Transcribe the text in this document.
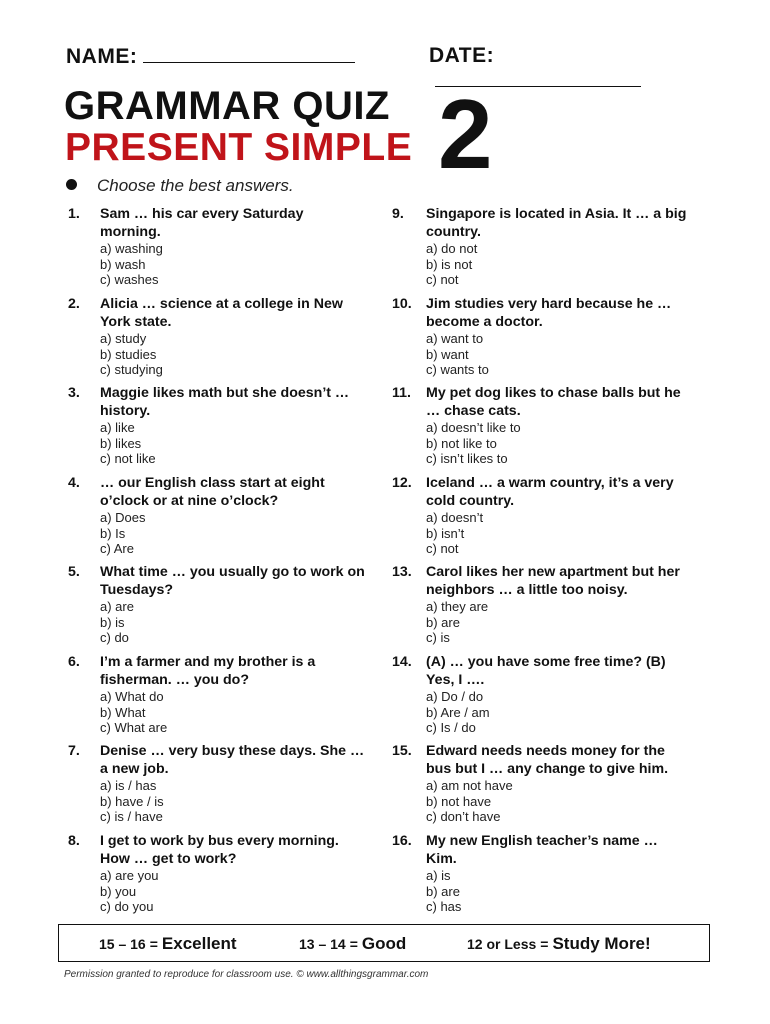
NAME:	DATE:
GRAMMAR QUIZ
PRESENT SIMPLE 2
Choose the best answers.
1.	Sam … his car every Saturday morning.
a) washing
b) wash
c) washes
2.	Alicia … science at a college in New York state.
a) study
b) studies
c) studying
3.	Maggie likes math but she doesn’t … history.
a) like
b) likes
c) not like
4.	… our English class start at eight o’clock or at nine o’clock?
a) Does
b) Is
c) Are
5.	What time … you usually go to work on Tuesdays?
a) are
b) is
c) do
6.	I’m a farmer and my brother is a fisherman. … you do?
a) What do
b) What
c) What are
7.	Denise … very busy these days. She … a new job.
a) is / has
b) have / is
c) is / have
8.	I get to work by bus every morning. How … get to work?
a) are you
b) you
c) do you
9.	Singapore is located in Asia. It … a big country.
a) do not
b) is not
c) not
10.	Jim studies very hard because he … become a doctor.
a) want to
b) want
c) wants to
11.	My pet dog likes to chase balls but he … chase cats.
a) doesn’t like to
b) not like to
c) isn’t likes to
12.	Iceland … a warm country, it’s a very cold country.
a) doesn’t
b) isn’t
c) not
13.	Carol likes her new apartment but her neighbors … a little too noisy.
a) they are
b) are
c) is
14.	(A) … you have some free time? (B) Yes, I ….
a) Do / do
b) Are / am
c) Is / do
15.	Edward needs needs money for the bus but I … any change to give him.
a) am not have
b) not have
c) don’t have
16.	My new English teacher’s name … Kim.
a) is
b) are
c) has
15 – 16 = Excellent	13 – 14 = Good	12 or Less = Study More!
Permission granted to reproduce for classroom use. © www.allthingsgrammar.com
